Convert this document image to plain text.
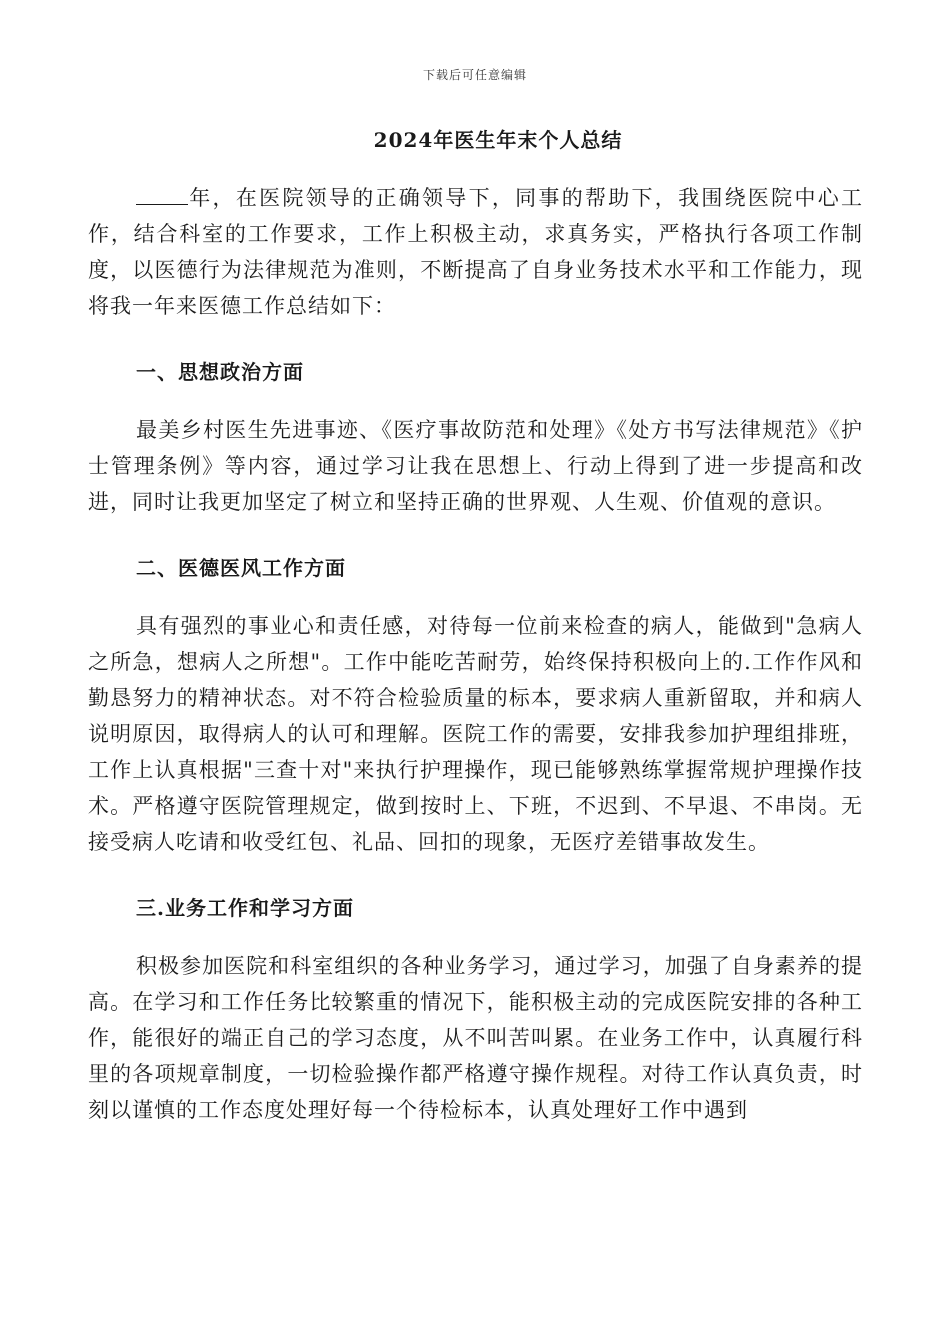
下载后可任意编辑
2024年医生年末个人总结

年，在医院领导的正确领导下，同事的帮助下，我围绕医院中心工作，结合科室的工作要求，工作上积极主动，求真务实，严格执行各项工作制度，以医德行为法律规范为准则，不断提高了自身业务技术水平和工作能力，现将我一年来医德工作总结如下：

一、思想政治方面

最美乡村医生先进事迹、《医疗事故防范和处理》《处方书写法律规范》《护士管理条例》等内容，通过学习让我在思想上、行动上得到了进一步提高和改进，同时让我更加坚定了树立和坚持正确的世界观、人生观、价值观的意识。

二、医德医风工作方面

具有强烈的事业心和责任感，对待每一位前来检查的病人，能做到"急病人之所急，想病人之所想"。工作中能吃苦耐劳，始终保持积极向上的.工作作风和勤恳努力的精神状态。对不符合检验质量的标本，要求病人重新留取，并和病人说明原因，取得病人的认可和理解。医院工作的需要，安排我参加护理组排班，工作上认真根据"三查十对"来执行护理操作，现已能够熟练掌握常规护理操作技术。严格遵守医院管理规定，做到按时上、下班，不迟到、不早退、不串岗。无接受病人吃请和收受红包、礼品、回扣的现象，无医疗差错事故发生。

三.业务工作和学习方面

积极参加医院和科室组织的各种业务学习，通过学习，加强了自身素养的提高。在学习和工作任务比较繁重的情况下，能积极主动的完成医院安排的各种工作，能很好的端正自己的学习态度，从不叫苦叫累。在业务工作中，认真履行科里的各项规章制度，一切检验操作都严格遵守操作规程。对待工作认真负责，时刻以谨慎的工作态度处理好每一个待检标本，认真处理好工作中遇到
